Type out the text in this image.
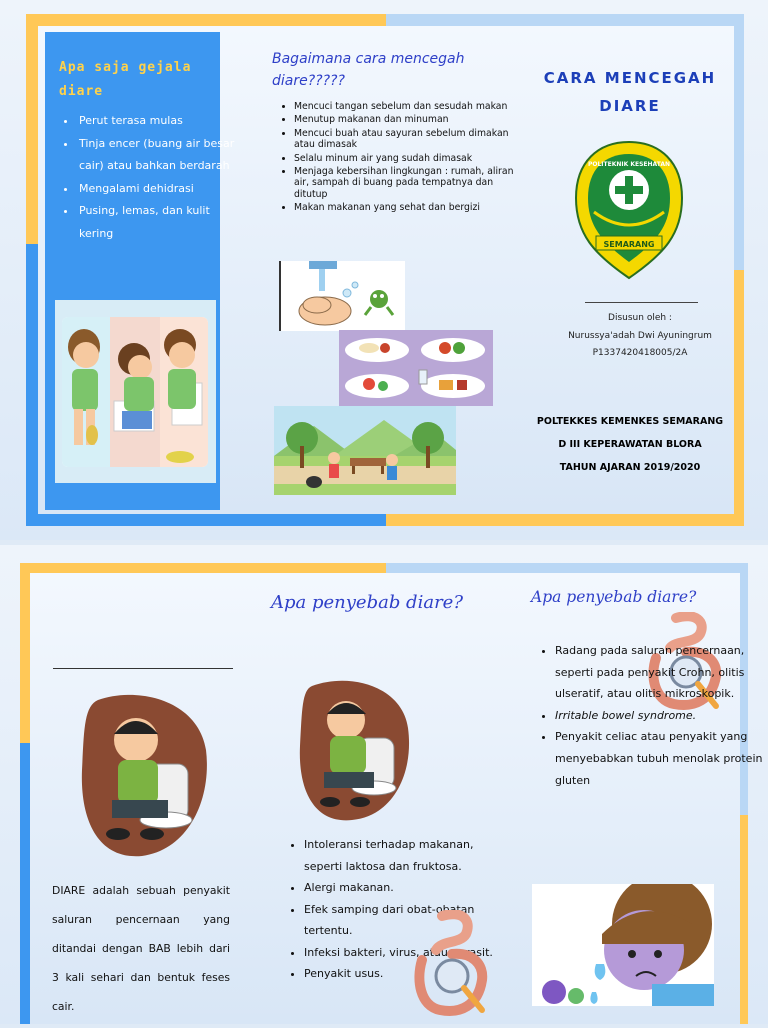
Apa saja gejala diare
• Perut terasa mulas
• Tinja encer (buang air besar cair) atau bahkan berdarah
• Mengalami dehidrasi
• Pusing, lemas, dan kulit kering
Bagaimana cara mencegah diare?????
• Mencuci tangan sebelum dan sesudah makan
• Menutup makanan dan minuman
• Mencuci buah atau sayuran sebelum dimakan atau dimasak
• Selalu minum air yang sudah dimasak
• Menjaga kebersihan lingkungan : rumah, aliran air, sampah di buang pada tempatnya dan ditutup
• Makan makanan yang sehat dan bergizi
CARA MENCEGAH DIARE
SEMARANG
POLITEKNIK KESEHATAN
Disusun oleh :
Nurussya'adah Dwi Ayuningrum
P1337420418005/2A
POLTEKKES KEMENKES SEMARANG
D III KEPERAWATAN BLORA
TAHUN AJARAN 2019/2020
DIARE adalah sebuah penyakit saluran pencernaan yang ditandai dengan BAB lebih dari 3 kali sehari dan bentuk feses cair.
Apa penyebab diare?
• Intoleransi terhadap makanan, seperti laktosa dan fruktosa.
• Alergi makanan.
• Efek samping dari obat-obatan tertentu.
• Infeksi bakteri, virus, atau parasit.
• Penyakit usus.
Apa penyebab diare?
• Radang pada saluran pencernaan, seperti pada penyakit Crohn, olitis ulseratif, atau olitis mikroskopik.
• Irritable bowel syndrome.
• Penyakit celiac atau penyakit yang menyebabkan tubuh menolak protein gluten
